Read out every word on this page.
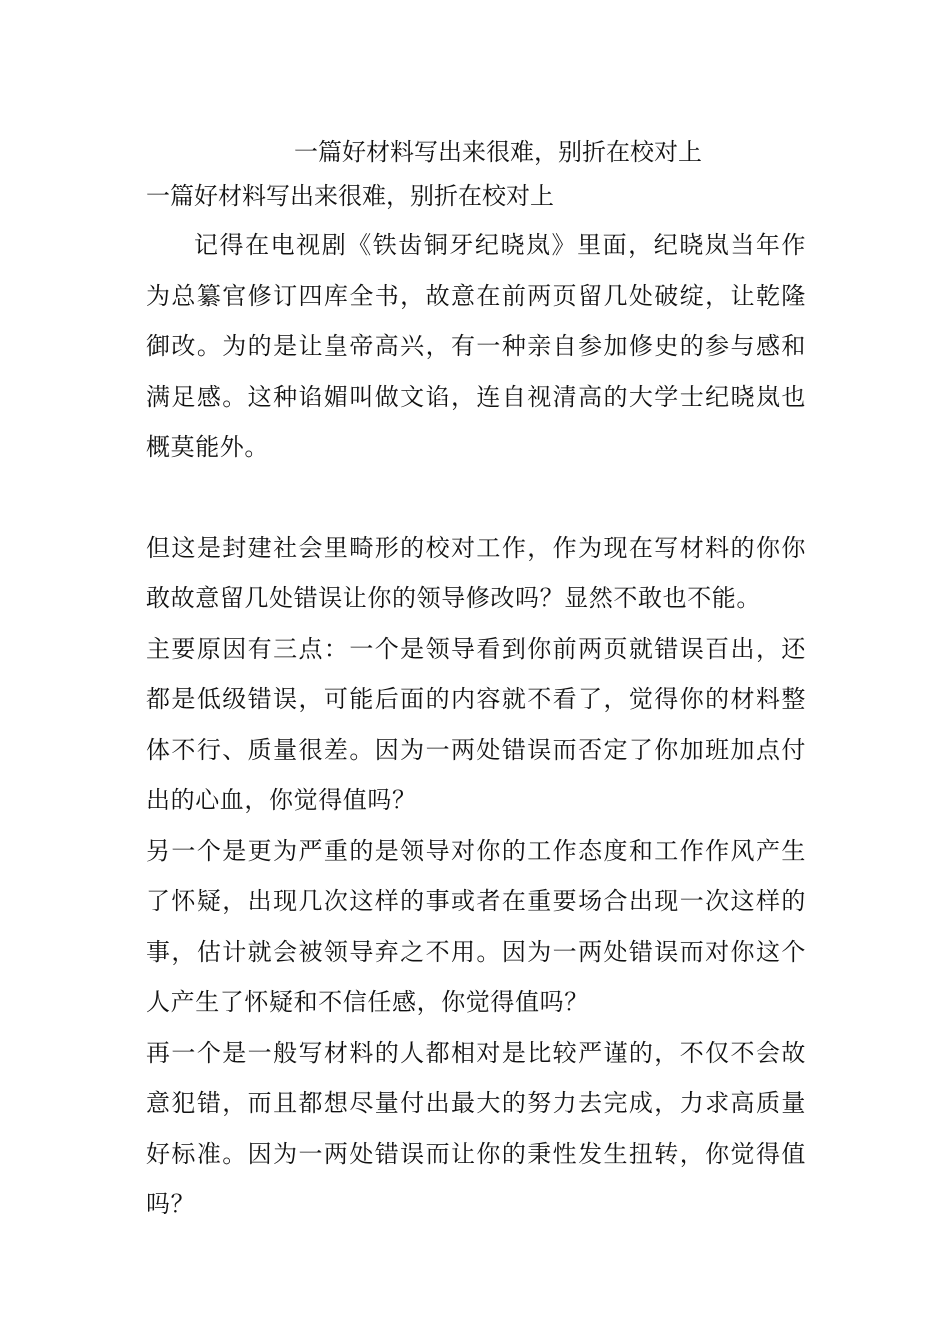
一篇好材料写出来很难，别折在校对上

一篇好材料写出来很难，别折在校对上

记得在电视剧《铁齿铜牙纪晓岚》里面，纪晓岚当年作为总纂官修订四库全书，故意在前两页留几处破绽，让乾隆御改。为的是让皇帝高兴，有一种亲自参加修史的参与感和满足感。这种谄媚叫做文谄，连自视清高的大学士纪晓岚也概莫能外。

但这是封建社会里畸形的校对工作，作为现在写材料的你你敢故意留几处错误让你的领导修改吗？显然不敢也不能。

主要原因有三点：一个是领导看到你前两页就错误百出，还都是低级错误，可能后面的内容就不看了，觉得你的材料整体不行、质量很差。因为一两处错误而否定了你加班加点付出的心血，你觉得值吗？

另一个是更为严重的是领导对你的工作态度和工作作风产生了怀疑，出现几次这样的事或者在重要场合出现一次这样的事，估计就会被领导弃之不用。因为一两处错误而对你这个人产生了怀疑和不信任感，你觉得值吗？

再一个是一般写材料的人都相对是比较严谨的，不仅不会故意犯错，而且都想尽量付出最大的努力去完成，力求高质量好标准。因为一两处错误而让你的秉性发生扭转，你觉得值吗？
